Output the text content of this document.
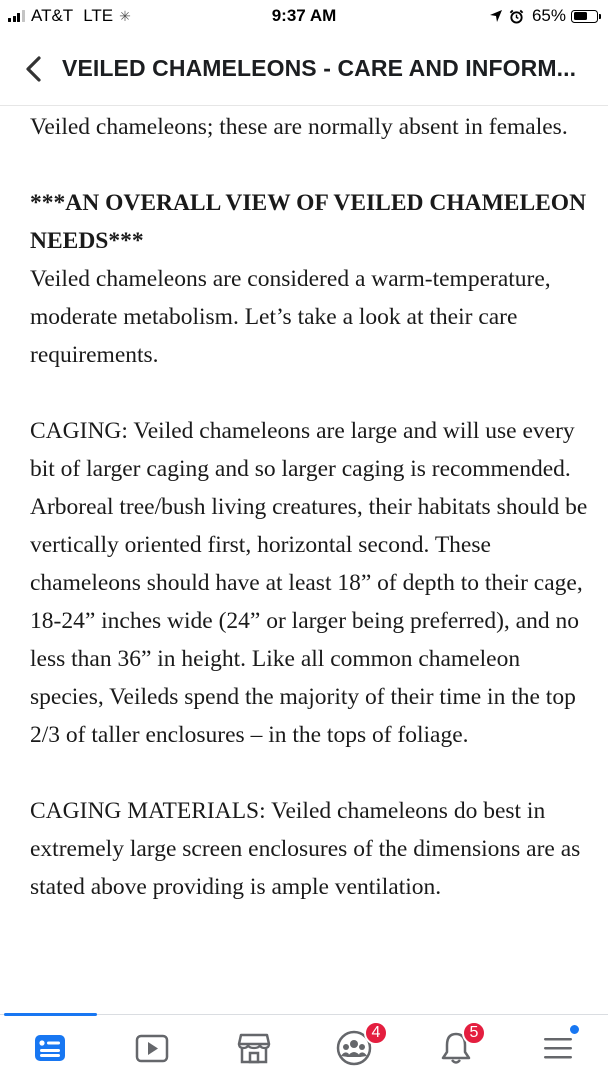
AT&T LTE ✳	9:37 AM	65%
VEILED CHAMELEONS - CARE AND INFORM...

Veiled chameleons; these are normally absent in females.

***AN OVERALL VIEW OF VEILED CHAMELEON NEEDS***

Veiled chameleons are considered a warm-temperature, moderate metabolism. Let’s take a look at their care requirements.

CAGING: Veiled chameleons are large and will use every bit of larger caging and so larger caging is recommended. Arboreal tree/bush living creatures, their habitats should be vertically oriented first, horizontal second. These chameleons should have at least 18” of depth to their cage, 18-24” inches wide (24” or larger being preferred), and no less than 36” in height. Like all common chameleon species, Veileds spend the majority of their time in the top 2/3 of taller enclosures – in the tops of foliage.

CAGING MATERIALS: Veiled chameleons do best in extremely large screen enclosures of the dimensions are as stated above providing is ample ventilation.

4	5
